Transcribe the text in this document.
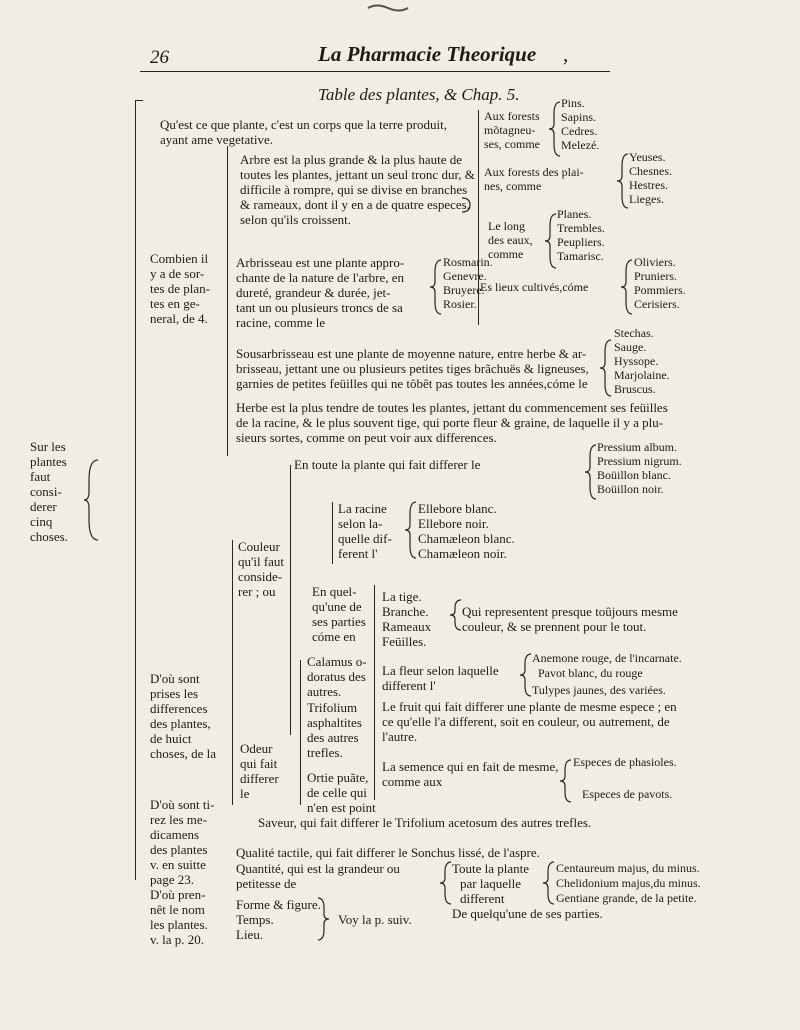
26	La Pharmacie Theorique ,
Table des plantes, & Chap. 5.
Sur les
plantes
faut
consi-
derer
cinq
choses.
Combien il
y a de sor-
tes de plan-
tes en ge-
neral, de 4.
D'où sont
prises les
differences
des plantes,
de huict
choses, de la
D'où sont ti-
rez les me-
dicamens
des plantes
v. en suitte
page 23.
D'où pren-
nêt le nom
les plantes.
v. la p. 20.
Qu'est ce que plante, c'est un corps que la terre produit,
ayant ame vegetative.
Arbre est la plus grande & la plus haute de
toutes les plantes, jettant un seul tronc dur, &
difficile à rompre, qui se divise en branches
& rameaux, dont il y en a de quatre especes,
selon qu'ils croissent.
Aux forests
mõtagneu-
ses, comme
Pins.
Sapins.
Cedres.
Melezé.
Aux forests des plai-
nes, comme
Yeuses.
Chesnes.
Hestres.
Lieges.
Le long
des eaux,
comme
Planes.
Trembles.
Peupliers.
Tamarisc.
Es lieux cultivés,cóme
Oliviers.
Pruniers.
Pommiers.
Cerisiers.
Arbrisseau est une plante appro-
chante de la nature de l'arbre, en
dureté, grandeur & durée, jet-
tant un ou plusieurs troncs de sa
racine, comme le
Rosmarin.
Genevre.
Bruyere.
Rosier.
Sousarbrisseau est une plante de moyenne nature, entre herbe & ar-
brisseau, jettant une ou plusieurs petites tiges brãchuës & ligneuses,
garnies de petites feüilles qui ne tôbêt pas toutes les années,cóme le
Stechas.
Sauge.
Hyssope.
Marjolaine.
Bruscus.
Herbe est la plus tendre de toutes les plantes, jettant du commencement ses feüilles
de la racine, & le plus souvent tige, qui porte fleur & graine, de laquelle il y a plu-
sieurs sortes, comme on peut voir aux differences.
En toute la plante qui fait differer le
Pressium album.
Pressium nigrum.
Boüillon blanc.
Boüillon noir.
Couleur
qu'il faut
conside-
rer ; ou
La racine
selon la-
quelle dif-
ferent l'
Ellebore blanc.
Ellebore noir.
Chamæleon blanc.
Chamæleon noir.
En quel-
qu'une de
ses parties
cóme en
La tige.
Branche.
Rameaux
Feüilles.
Qui representent presque toûjours mesme
couleur, & se prennent pour le tout.
La fleur selon laquelle
different l'
Anemone rouge, de l'incarnate.
Pavot blanc, du rouge
Tulypes jaunes, des variées.
Le fruit qui fait differer une plante de mesme espece ; en
ce qu'elle l'a different, soit en couleur, ou autrement, de
l'autre.
La semence qui en fait de mesme,
comme aux
Especes de phasioles.
Especes de pavots.
Odeur
qui fait
differer
le
Calamus o-
doratus des
autres.
Trifolium
asphaltites
des autres
trefles.
Ortie puãte,
de celle qui
n'en est point
Saveur, qui fait differer le Trifolium acetosum des autres trefles.
Qualité tactile, qui fait differer le Sonchus lissé, de l'aspre.
Quantité, qui est la grandeur ou
petitesse de
Toute la plante
par laquelle
different
De quelqu'une de ses parties.
Centaureum majus, du minus.
Chelidonium majus,du minus.
Gentiane grande, de la petite.
Forme & figure.
Temps.
Lieu.
Voy la p. suiv.
